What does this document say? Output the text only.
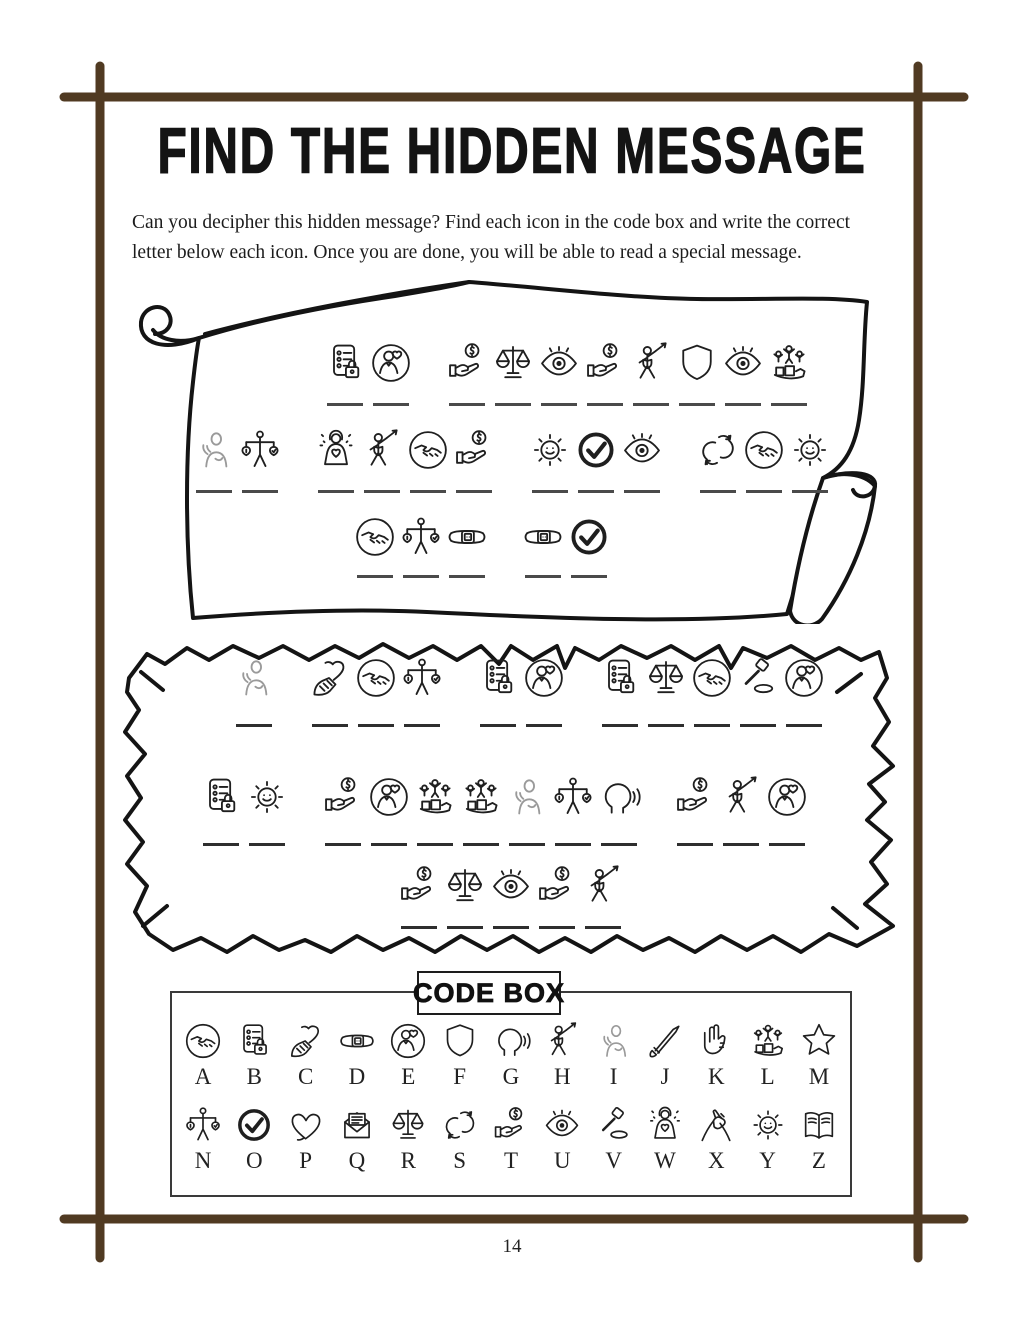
FIND THE HIDDEN MESSAGE
Can you decipher this hidden message? Find each icon in the code box and write the correct letter below each icon. Once you are done, you will be able to read a special message.
CODE BOX
A B C D E F G H I J K L M
N O P Q R S T U V W X Y Z
14
